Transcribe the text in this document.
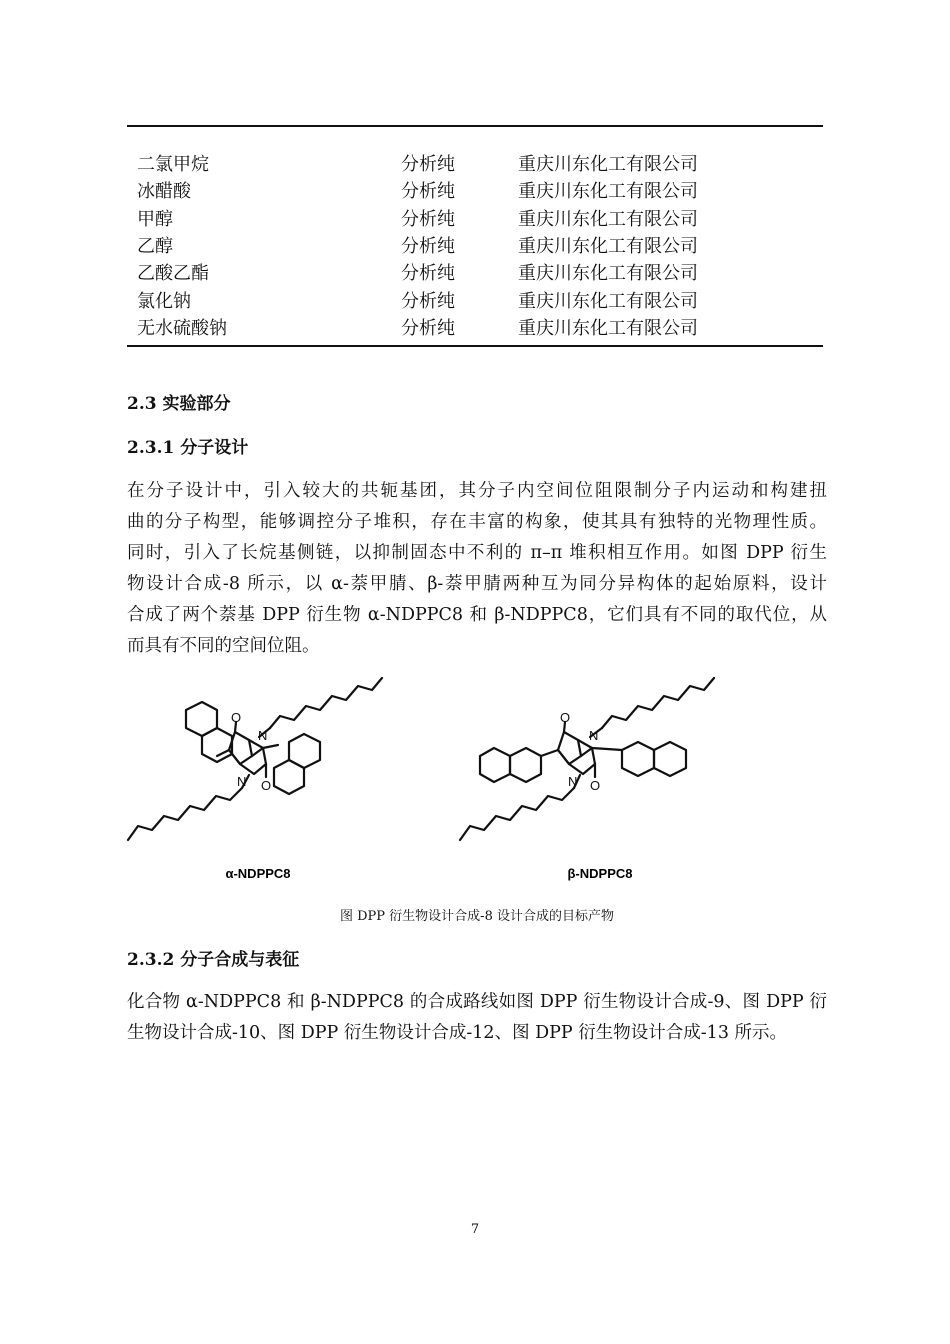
二氯甲烷	分析纯	重庆川东化工有限公司
冰醋酸	分析纯	重庆川东化工有限公司
甲醇	分析纯	重庆川东化工有限公司
乙醇	分析纯	重庆川东化工有限公司
乙酸乙酯	分析纯	重庆川东化工有限公司
氯化钠	分析纯	重庆川东化工有限公司
无水硫酸钠	分析纯	重庆川东化工有限公司
2.3 实验部分
2.3.1 分子设计
在分子设计中，引入较大的共轭基团，其分子内空间位阻限制分子内运动和构建扭
曲的分子构型，能够调控分子堆积，存在丰富的构象，使其具有独特的光物理性质。
同时，引入了长烷基侧链，以抑制固态中不利的 π–π 堆积相互作用。如图 DPP 衍生
物设计合成-8 所示，以 α-萘甲腈、β-萘甲腈两种互为同分异构体的起始原料，设计
合成了两个萘基 DPP 衍生物 α-NDPPC8 和 β-NDPPC8，它们具有不同的取代位，从
而具有不同的空间位阻。
O
O
N
N
O
O
N
N
α-NDPPC8	β-NDPPC8
图 DPP 衍生物设计合成-8 设计合成的目标产物
2.3.2 分子合成与表征
化合物 α-NDPPC8 和 β-NDPPC8 的合成路线如图 DPP 衍生物设计合成-9、图 DPP 衍
生物设计合成-10、图 DPP 衍生物设计合成-12、图 DPP 衍生物设计合成-13 所示。
7
